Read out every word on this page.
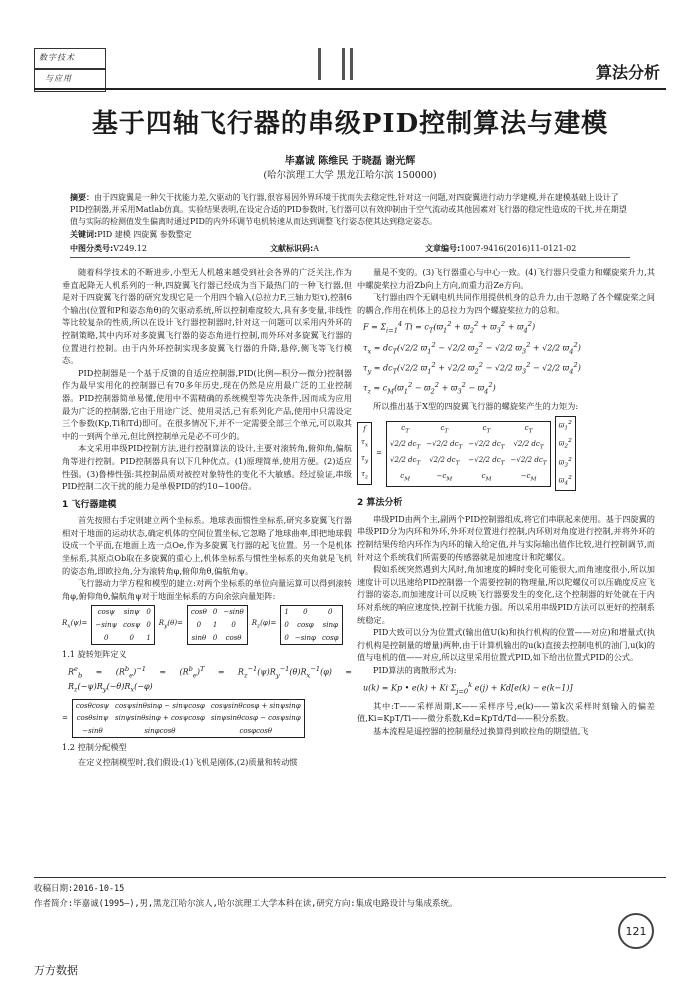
数字技术
与应用	算法分析
基于四轴飞行器的串级PID控制算法与建模
毕嘉诚 陈维民 于晓磊 谢光辉
(哈尔滨理工大学 黑龙江哈尔滨 150000)
摘要：由于四旋翼是一种欠干扰能力差,欠驱动的飞行器,很容易因外界环境干扰而失去稳定性,针对这一问题,对四旋翼进行动力学建模,并在建模基础上设计了PID控制器,并采用Matlab仿真。实验结果表明,在设定合适的PID参数时,飞行器可以有效抑制由于空气流动或其他因素对飞行器的稳定性造成的干扰,并在期望值与实际的检测值发生偏离时通过PID的内外环调节电机转速从而达到调整飞行姿态使其达到稳定姿态。
关键词:PID 建模 四旋翼 参数整定
中图分类号:V249.12	文献标识码:A	文章编号:1007-9416(2016)11-0121-02

随着科学技术的不断进步,小型无人机越来越受到社会各界的广泛关注,作为垂直起降无人机系列的一种,四旋翼飞行器已经成为当下最热门的一种飞行器,但是对于四旋翼飞行器的研究发现它是一个用四个输入(总拉力F,三轴力矩τ),控制6个输出(位置和P和姿态角θ)的欠驱动系统,所以控制难度较大,具有多变量,非线性等比较复杂的性质,所以在设计飞行器控制器时,针对这一问题可以采用内外环的控制策略,其中内环对多旋翼飞行器的姿态角进行控制,而外环对多旋翼飞行器的位置进行控制。由于内外环控制实现多旋翼飞行器的升降,悬停,侧飞等飞行模态。

PID控制器是一个基于反馈的自适应控制器,PID(比例—积分—微分)控制器作为最早实用化的控制器已有70多年历史,现在仍然是应用最广泛的工业控制器。PID控制器简单易懂,使用中不需精确的系统模型等先决条件,因而成为应用最为广泛的控制器,它由于用途广泛、使用灵活,已有系列化产品,使用中只需设定三个参数(Kp,Ti和Td)即可。在很多情况下,并不一定需要全部三个单元,可以取其中的一到两个单元,但比例控制单元是必不可少的。

本文采用串级PID控制方法,进行控制算法的设计,主要对滚转角,俯仰角,偏航角等进行控制。PID控制器具有以下几种优点。(1)原理简单,使用方便。(2)适应性强。(3)鲁棒性强:其控制品质对被控对象特性的变化不大敏感。经过验证,串级PID控制二次干扰的能力是单极PID的约10~100倍。

1 飞行器建模

首先按照右手定则建立两个坐标系。地球表面惯性坐标系,研究多旋翼飞行器相对于地面的运动状态,确定机体的空间位置坐标,它忽略了地球曲率,即把地球假设成一个平面,在地面上选一点Oe,作为多旋翼飞行器的起飞位置。另一个是机体坐标系,其原点Ob取在多旋翼的重心上,机体坐标系与惯性坐标系的夹角就是飞机的姿态角,即欧拉角,分为滚转角φ,俯仰角θ,偏航角ψ。

飞行器动力学方程和模型的建立:对两个坐标系的单位向量运算可以得到滚转角φ,俯仰角θ,偏航角ψ对于地面坐标系的方向余弦向量矩阵:

$R_x(\psi)=$
cosψ	sinψ	0
−sinψ	cosψ	0
0	0	1
$R_y(\theta)=$
cosθ	0	−sinθ
0	1	0
sinθ	0	cosθ
$R_z(\varphi)=$
1	0	0
0	cosφ	sinφ
0	−sinφ	cosφ

1.1 旋转矩阵定义

$R^e_b = (R^b_e)^{-1} = (R^b_e)^T = R_z^{-1}(\psi)R_y^{-1}(\theta)R_x^{-1}(\varphi) = R_z(-\psi)R_y(-\theta)R_x(-\varphi)$
=
cosθcosψ	cosψsinθsinφ − sinψcosφ	cosψsinθcosφ + sinψsinφ
cosθsinψ	sinψsinθsinφ + cosψcosφ	sinψsinθcosφ − cosψsinφ
−sinθ	sinφcosθ	cosφcosθ

1.2 控制分配模型

在定义控制模型时,我们假设:(1)飞机是刚体,(2)质量和转动惯

量是不变的。(3)飞行器重心与中心一致。(4)飞行器只受重力和螺旋桨升力,其中螺旋桨拉力沿Zb向上方向,而重力沿Ze方向。

飞行器由四个无刷电机共同作用提供机身的总升力,由于忽略了各个螺旋桨之间的耦合,作用在机体上的总拉力为四个螺旋桨拉力的总和。

$F = \Sigma_{i=1}^4$ $Ti = c_T(ϖ_1^2 + ϖ_2^2 + ϖ_3^2 + ϖ_4^2)$
$\tau_x = dc_T(√2/2$ $ϖ_1^2 - √2/2$ $ϖ_2^2 - √2/2$ $ϖ_3^2 + √2/2$ $ϖ_4^2$)
$\tau_y = dc_T(√2/2$ $ϖ_1^2 + √2/2$ $ϖ_2^2 - √2/2$ $ϖ_3^2 - √2/2$ $ϖ_4^2$)
$\tau_z = c_M(ϖ_1^2 - ϖ_2^2 + ϖ_3^2 - ϖ_4^2)$

所以推出基于X型的四旋翼飞行器的螺旋桨产生的力矩为:

f
$\tau_x$
$\tau_y$
$\tau_z$
=
$c_T$	$c_T$	$c_T$	$c_T$
√2/2 $dc_T$	−√2/2 $dc_T$	−√2/2 $dc_T$	√2/2 $dc_T$
√2/2 $dc_T$	√2/2 $dc_T$	−√2/2 $dc_T$	−√2/2 $dc_T$
$c_M$	$-c_M$	$c_M$	$-c_M$
$ϖ_1^2$
$ϖ_2^2$
$ϖ_3^2$
$ϖ_4^2$

2 算法分析

串级PID由两个主,副两个PID控制器组成,将它们串联起来使用。基于四旋翼的串级PID分为内环和外环,外环对位置进行控制,内环则对角度进行控制,并将外环的控制结果传给内环作为内环的输入给定值,并与实际输出值作比较,进行控制调节,而针对这个系统我们所需要的传感器就是加速度计和陀螺仪。

假如系统突然遇到大风时,角加速度的瞬时变化可能很大,而角速度很小,所以加速度计可以迅速给PID控制器一个需要控制的物理量,所以陀螺仪可以压确度反应飞行器的姿态,而加速度计可以反映飞行器要发生的变化,这个控制器的好处就在于内环对系统的响应速度快,控制干扰能力强。所以采用串级PID方法可以更好的控制系统稳定。

PID大致可以分为位置式(输出值U(k)和执行机构的位置——对应)和增量式(执行机构是控制量的增量)两种,由于计算机输出的u(k)直接去控制电机的油门,u(k)的值与电机的值——对应,所以这里采用位置式PID,如下给出位置式PID的公式。

PID算法的离散形式为:

u(k) = Kp • e(k) + Ki $\Sigma_{j=0}^k$ e(j) + Kd[e(k) − e(k−1)]

其中:T——采样周期,K——采样序号,e(k)——第k次采样时刻输入的偏差值,Ki=KpT/Ti——微分系数,Kd=KpTd/Td——积分系数。

基本流程是遥控器的控制量经过换算得到欧拉角的期望值,飞

收稿日期:2016-10-15
作者简介:毕嘉诚(1995—),男,黑龙江哈尔滨人,哈尔滨理工大学本科在读,研究方向:集成电路设计与集成系统。
121
万方数据
